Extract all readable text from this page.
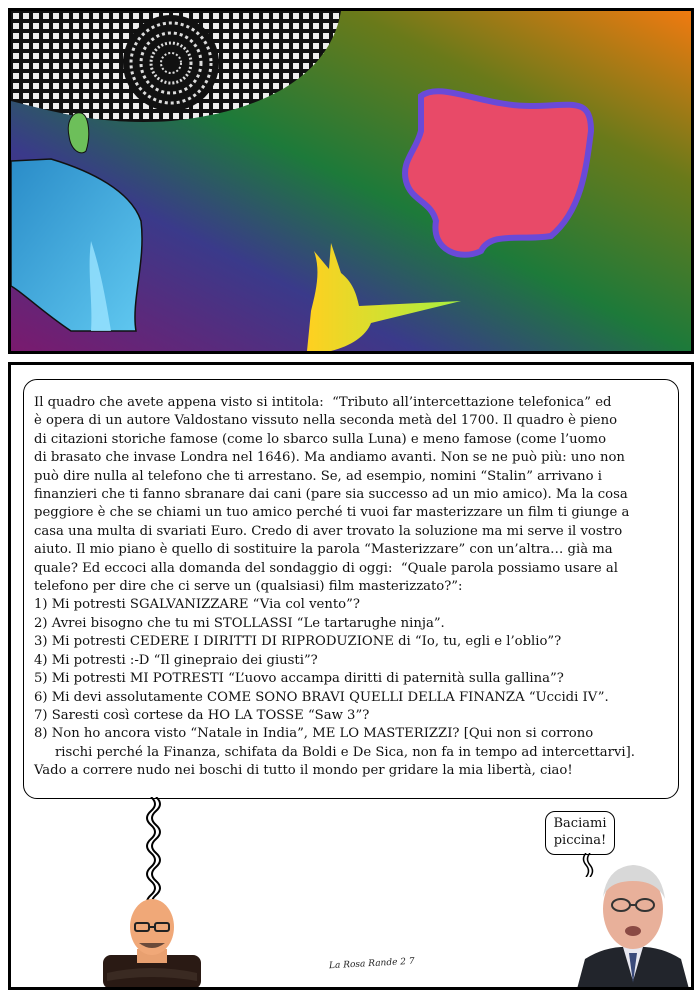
Il quadro che avete appena visto si intitola:  “Tributo all’intercettazione telefonica” ed
è opera di un autore Valdostano vissuto nella seconda metà del 1700. Il quadro è pieno
di citazioni storiche famose (come lo sbarco sulla Luna) e meno famose (come l’uomo
di brasato che invase Londra nel 1646). Ma andiamo avanti. Non se ne può più: uno non
può dire nulla al telefono che ti arrestano. Se, ad esempio, nomini “Stalin” arrivano i
finanzieri che ti fanno sbranare dai cani (pare sia successo ad un mio amico). Ma la cosa
peggiore è che se chiami un tuo amico perché ti vuoi far masterizzare un film ti giunge a
casa una multa di svariati Euro. Credo di aver trovato la soluzione ma mi serve il vostro
aiuto. Il mio piano è quello di sostituire la parola “Masterizzare” con un’altra… già ma
quale? Ed eccoci alla domanda del sondaggio di oggi:  “Quale parola possiamo usare al
telefono per dire che ci serve un (qualsiasi) film masterizzato?”:
1) Mi potresti SGALVANIZZARE “Via col vento”?
2) Avrei bisogno che tu mi STOLLASSI “Le tartarughe ninja”.
3) Mi potresti CEDERE I DIRITTI DI RIPRODUZIONE di “Io, tu, egli e l’oblio”?
4) Mi potresti :-D “Il ginepraio dei giusti”?
5) Mi potresti MI POTRESTI “L’uovo accampa diritti di paternità sulla gallina”?
6) Mi devi assolutamente COME SONO BRAVI QUELLI DELLA FINANZA “Uccidi IV”.
7) Saresti così cortese da HO LA TOSSE “Saw 3”?
8) Non ho ancora visto “Natale in India”, ME LO MASTERIZZI? [Qui non si corrono
rischi perché la Finanza, schifata da Boldi e De Sica, non fa in tempo ad intercettarvi].
Vado a correre nudo nei boschi di tutto il mondo per gridare la mia libertà, ciao!
Baciami
piccina!
La Rosa Rande 2 7
